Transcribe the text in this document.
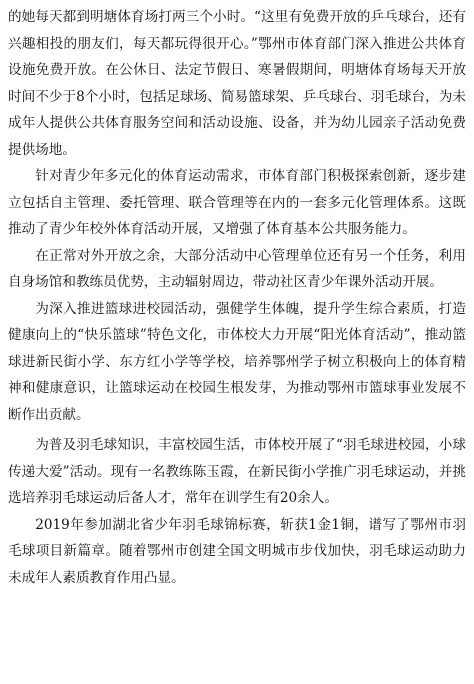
的她每天都到明塘体育场打两三个小时。“这里有免费开放的乒乓球台，还有兴趣相投的朋友们，每天都玩得很开心。”鄂州市体育部门深入推进公共体育设施免费开放。在公休日、法定节假日、寒暑假期间，明塘体育场每天开放时间不少于8个小时，包括足球场、简易篮球架、乒乓球台、羽毛球台，为未成年人提供公共体育服务空间和活动设施、设备，并为幼儿园亲子活动免费提供场地。

针对青少年多元化的体育运动需求，市体育部门积极探索创新，逐步建立包括自主管理、委托管理、联合管理等在内的一套多元化管理体系。这既推动了青少年校外体育活动开展，又增强了体育基本公共服务能力。

在正常对外开放之余，大部分活动中心管理单位还有另一个任务，利用自身场馆和教练员优势，主动辐射周边，带动社区青少年课外活动开展。

为深入推进篮球进校园活动，强健学生体魄，提升学生综合素质，打造健康向上的“快乐篮球”特色文化，市体校大力开展“阳光体育活动”，推动篮球进新民街小学、东方红小学等学校，培养鄂州学子树立积极向上的体育精神和健康意识，让篮球运动在校园生根发芽，为推动鄂州市篮球事业发展不断作出贡献。

为普及羽毛球知识，丰富校园生活，市体校开展了“羽毛球进校园，小球传递大爱”活动。现有一名教练陈玉霞，在新民街小学推广羽毛球运动，并挑选培养羽毛球运动后备人才，常年在训学生有20余人。

2019年参加湖北省少年羽毛球锦标赛，斩获1金1铜，谱写了鄂州市羽毛球项目新篇章。随着鄂州市创建全国文明城市步伐加快，羽毛球运动助力未成年人素质教育作用凸显。
